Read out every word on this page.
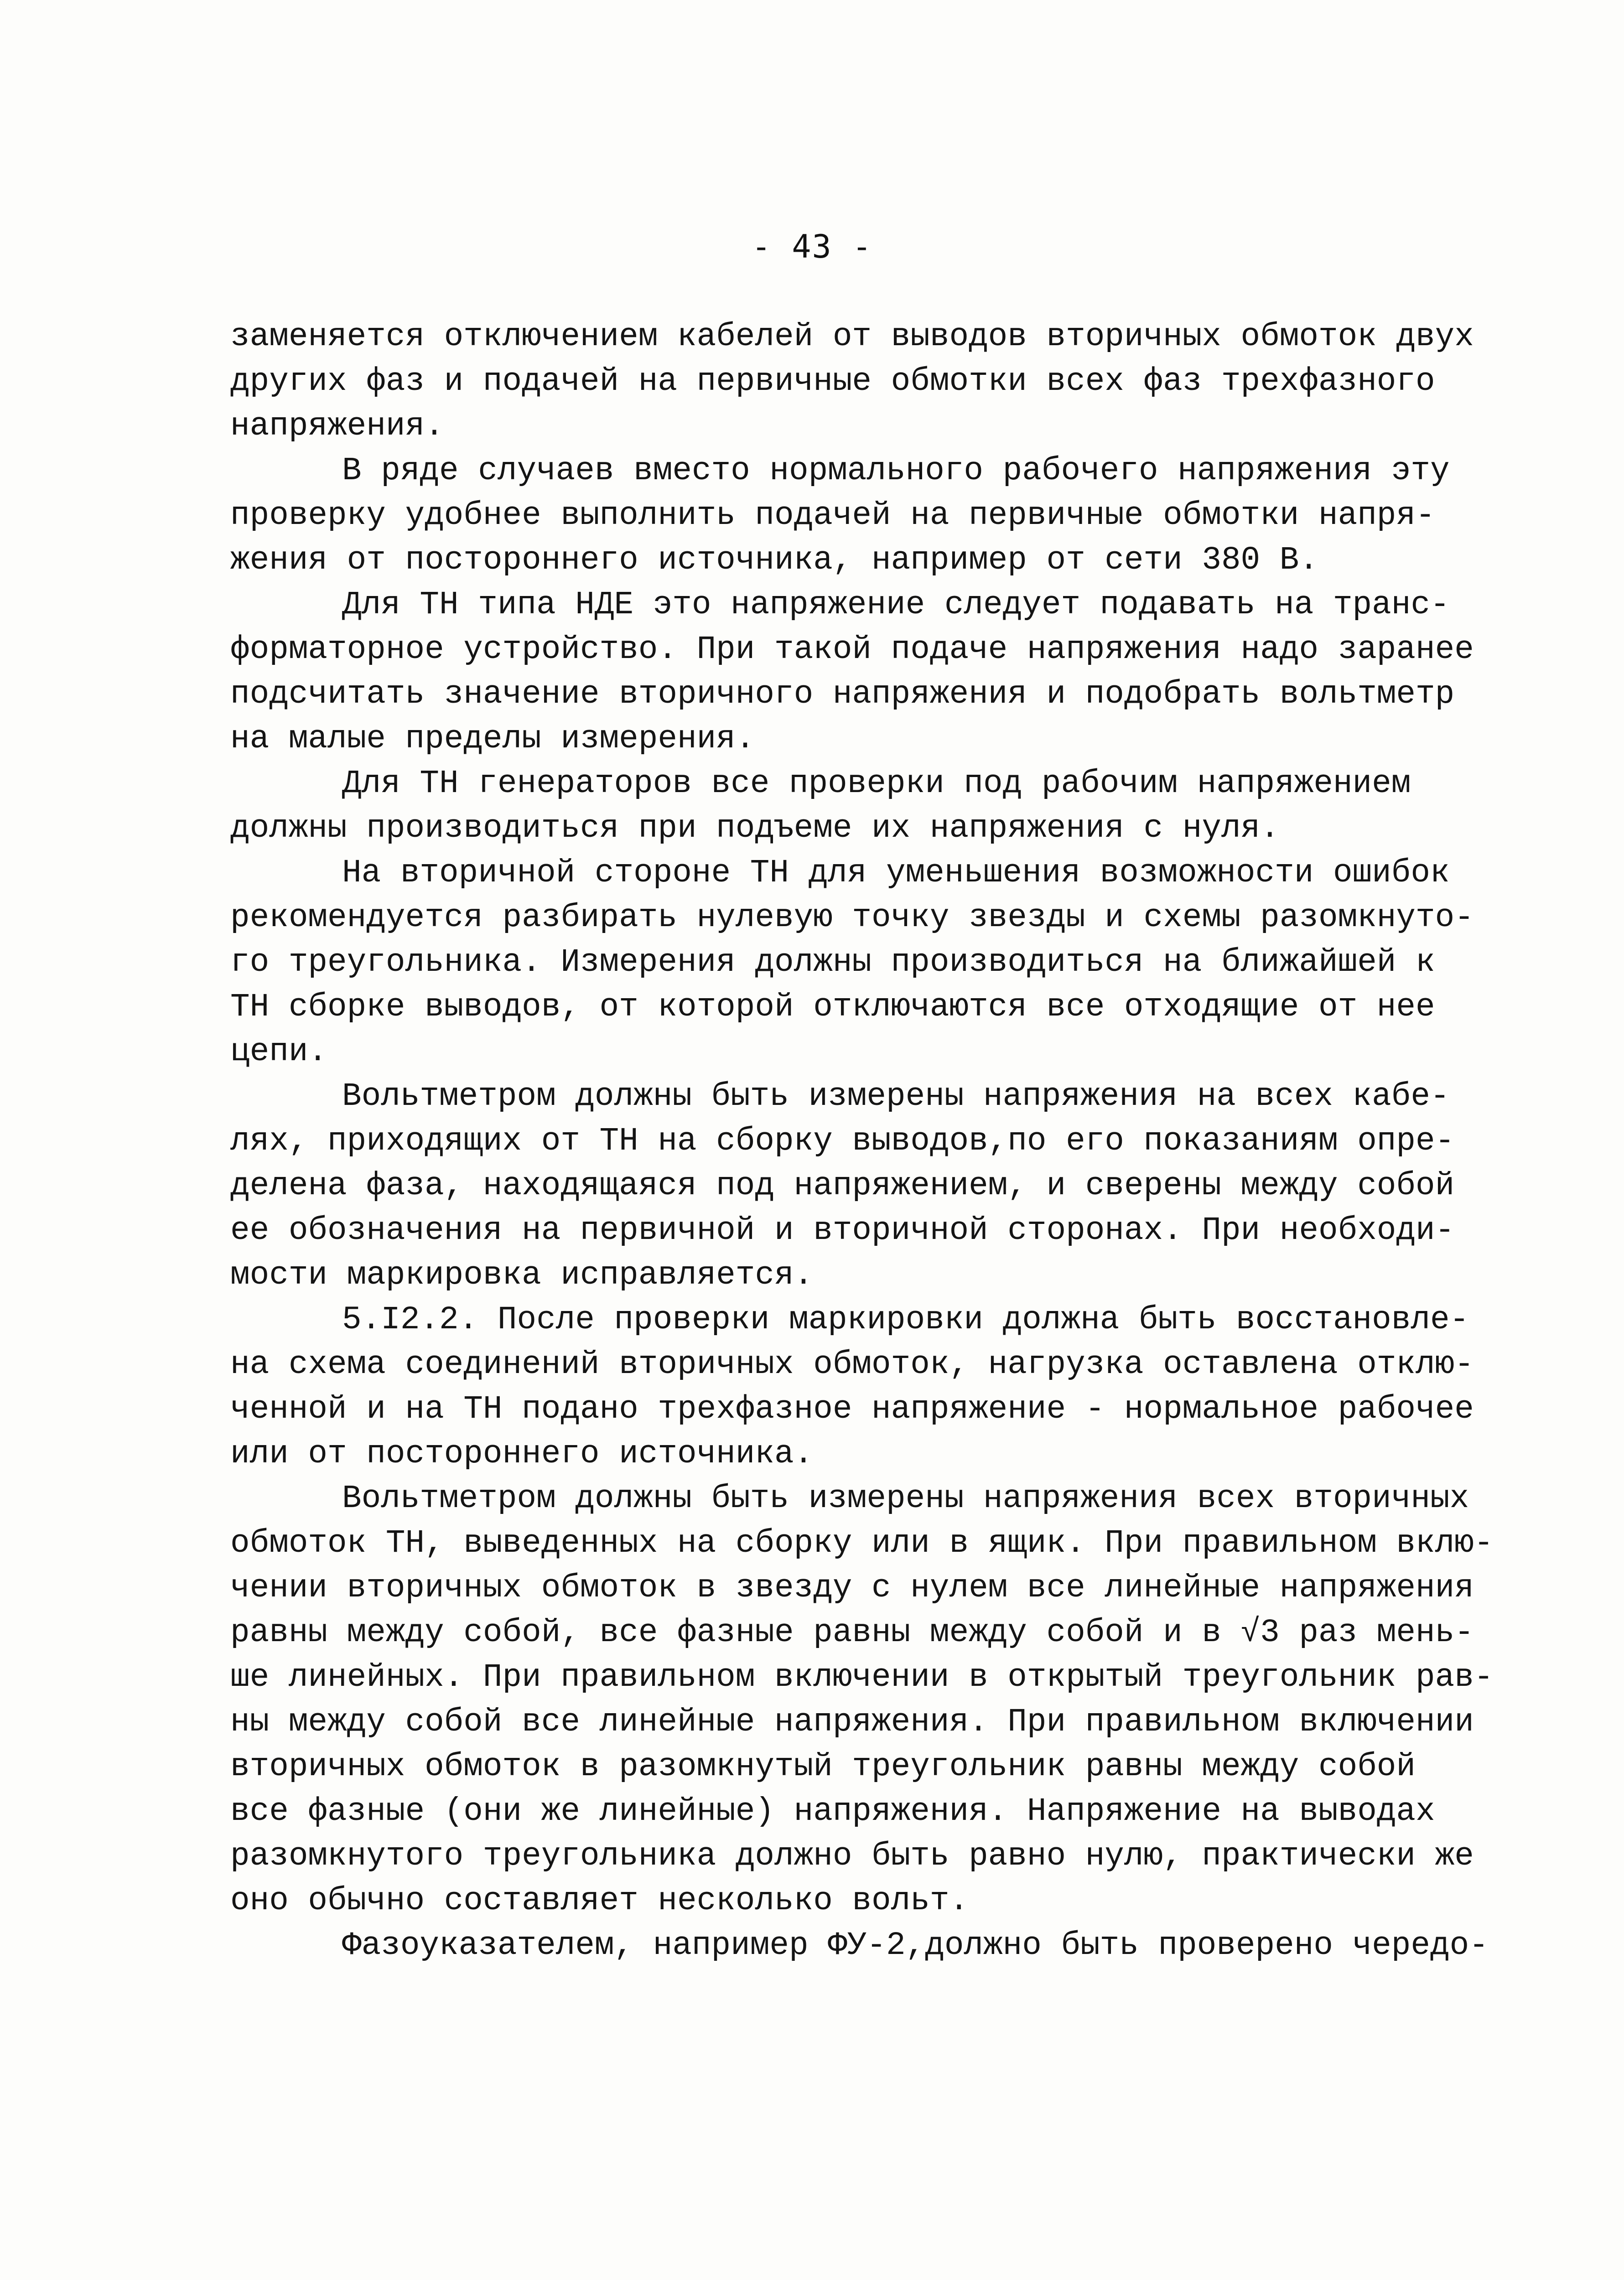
- 43 -
заменяется отключением кабелей от выводов вторичных обмоток двух
других фаз и подачей на первичные обмотки всех фаз трехфазного
напряжения.
В ряде случаев вместо нормального рабочего напряжения эту
проверку удобнее выполнить подачей на первичные обмотки напря-
жения от постороннего источника, например от сети 380 В.
Для ТН типа НДЕ это напряжение следует подавать на транс-
форматорное устройство. При такой подаче напряжения надо заранее
подсчитать значение вторичного напряжения и подобрать вольтметр
на малые пределы измерения.
Для ТН генераторов все проверки под рабочим напряжением
должны производиться при подъеме их напряжения с нуля.
На вторичной стороне ТН для уменьшения возможности ошибок
рекомендуется разбирать нулевую точку звезды и схемы разомкнуто-
го треугольника. Измерения должны производиться на ближайшей к
ТН сборке выводов, от которой отключаются все отходящие от нее
цепи.
Вольтметром должны быть измерены напряжения на всех кабе-
лях, приходящих от ТН на сборку выводов,по его показаниям опре-
делена фаза, находящаяся под напряжением, и сверены между собой
ее обозначения на первичной и вторичной сторонах. При необходи-
мости маркировка исправляется.
5.I2.2. После проверки маркировки должна быть восстановле-
на схема соединений вторичных обмоток, нагрузка оставлена отклю-
ченной и на ТН подано трехфазное напряжение - нормальное рабочее
или от постороннего источника.
Вольтметром должны быть измерены напряжения всех вторичных
обмоток ТН, выведенных на сборку или в ящик. При правильном вклю-
чении вторичных обмоток в звезду с нулем все линейные напряжения
равны между собой, все фазные равны между собой и в √3 раз мень-
ше линейных. При правильном включении в открытый треугольник рав-
ны между собой все линейные напряжения. При правильном включении
вторичных обмоток в разомкнутый треугольник равны между собой
все фазные (они же линейные) напряжения. Напряжение на выводах
разомкнутого треугольника должно быть равно нулю, практически же
оно обычно составляет несколько вольт.
Фазоуказателем, например ФУ-2,должно быть проверено чередо-
